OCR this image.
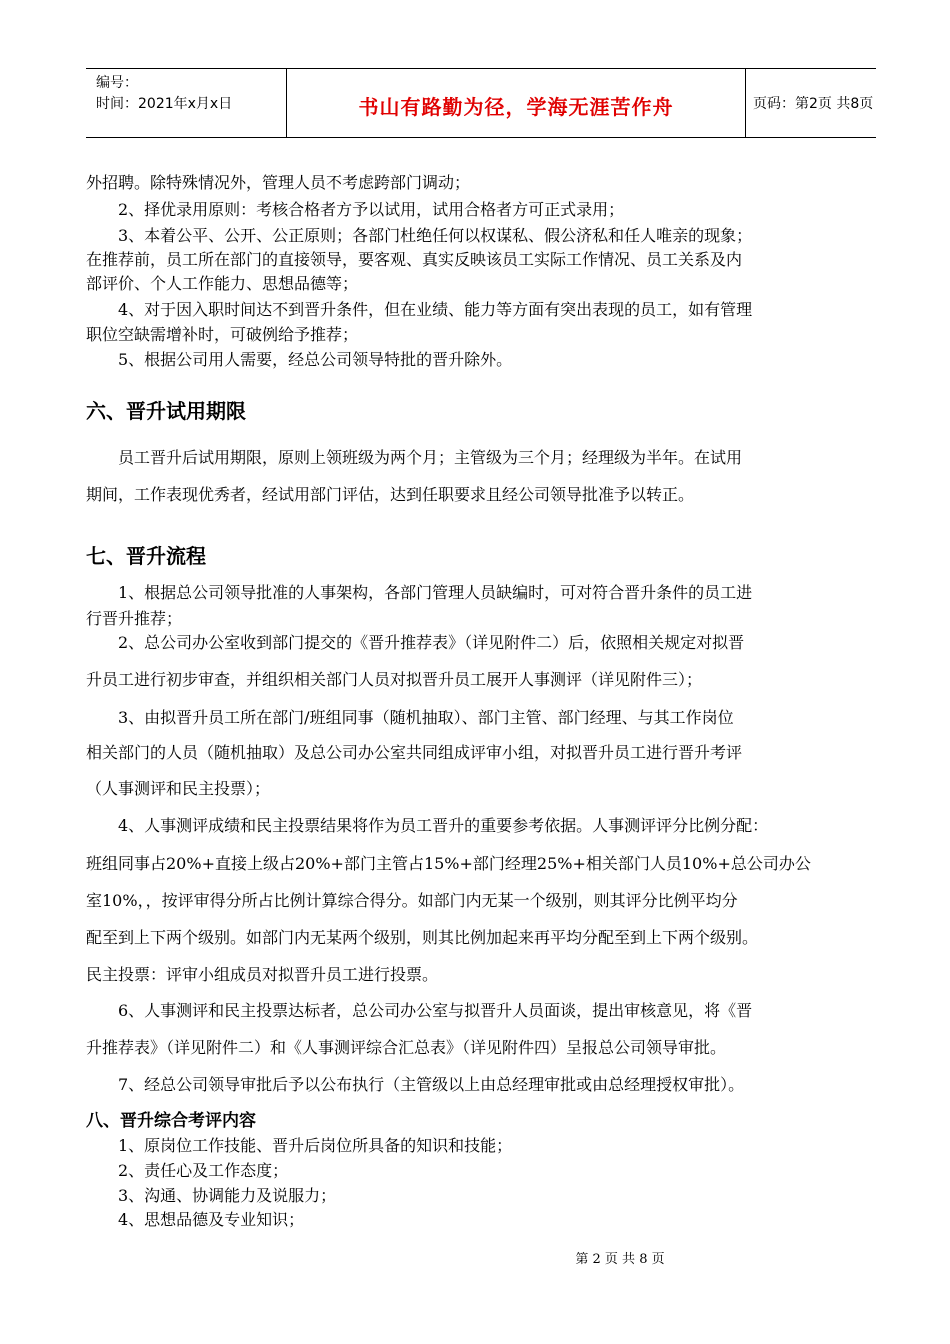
编号：
时间：2021年x月x日	书山有路勤为径，学海无涯苦作舟	页码：第2页 共8页
外招聘。除特殊情况外，管理人员不考虑跨部门调动；
2、择优录用原则：考核合格者方予以试用，试用合格者方可正式录用；
3、本着公平、公开、公正原则；各部门杜绝任何以权谋私、假公济私和任人唯亲的现象；
在推荐前，员工所在部门的直接领导，要客观、真实反映该员工实际工作情况、员工关系及内
部评价、个人工作能力、思想品德等；
4、对于因入职时间达不到晋升条件，但在业绩、能力等方面有突出表现的员工，如有管理
职位空缺需增补时，可破例给予推荐；
5、根据公司用人需要，经总公司领导特批的晋升除外。
六、晋升试用期限
员工晋升后试用期限，原则上领班级为两个月；主管级为三个月；经理级为半年。在试用
期间，工作表现优秀者，经试用部门评估，达到任职要求且经公司领导批准予以转正。
七、晋升流程
1、根据总公司领导批准的人事架构，各部门管理人员缺编时，可对符合晋升条件的员工进
行晋升推荐；
2、总公司办公室收到部门提交的《晋升推荐表》（详见附件二）后，依照相关规定对拟晋
升员工进行初步审查，并组织相关部门人员对拟晋升员工展开人事测评（详见附件三）；
3、由拟晋升员工所在部门/班组同事（随机抽取）、部门主管、部门经理、与其工作岗位
相关部门的人员（随机抽取）及总公司办公室共同组成评审小组，对拟晋升员工进行晋升考评
（人事测评和民主投票）；
4、人事测评成绩和民主投票结果将作为员工晋升的重要参考依据。人事测评评分比例分配：
班组同事占20%+直接上级占20%+部门主管占15%+部门经理25%+相关部门人员10%+总公司办公
室10%，，按评审得分所占比例计算综合得分。如部门内无某一个级别，则其评分比例平均分
配至到上下两个级别。如部门内无某两个级别，则其比例加起来再平均分配至到上下两个级别。
民主投票：评审小组成员对拟晋升员工进行投票。
6、人事测评和民主投票达标者，总公司办公室与拟晋升人员面谈，提出审核意见，将《晋
升推荐表》（详见附件二）和《人事测评综合汇总表》（详见附件四）呈报总公司领导审批。
7、经总公司领导审批后予以公布执行（主管级以上由总经理审批或由总经理授权审批）。
八、晋升综合考评内容
1、原岗位工作技能、晋升后岗位所具备的知识和技能；
2、责任心及工作态度；
3、沟通、协调能力及说服力；
4、思想品德及专业知识；
第 2 页 共 8 页
